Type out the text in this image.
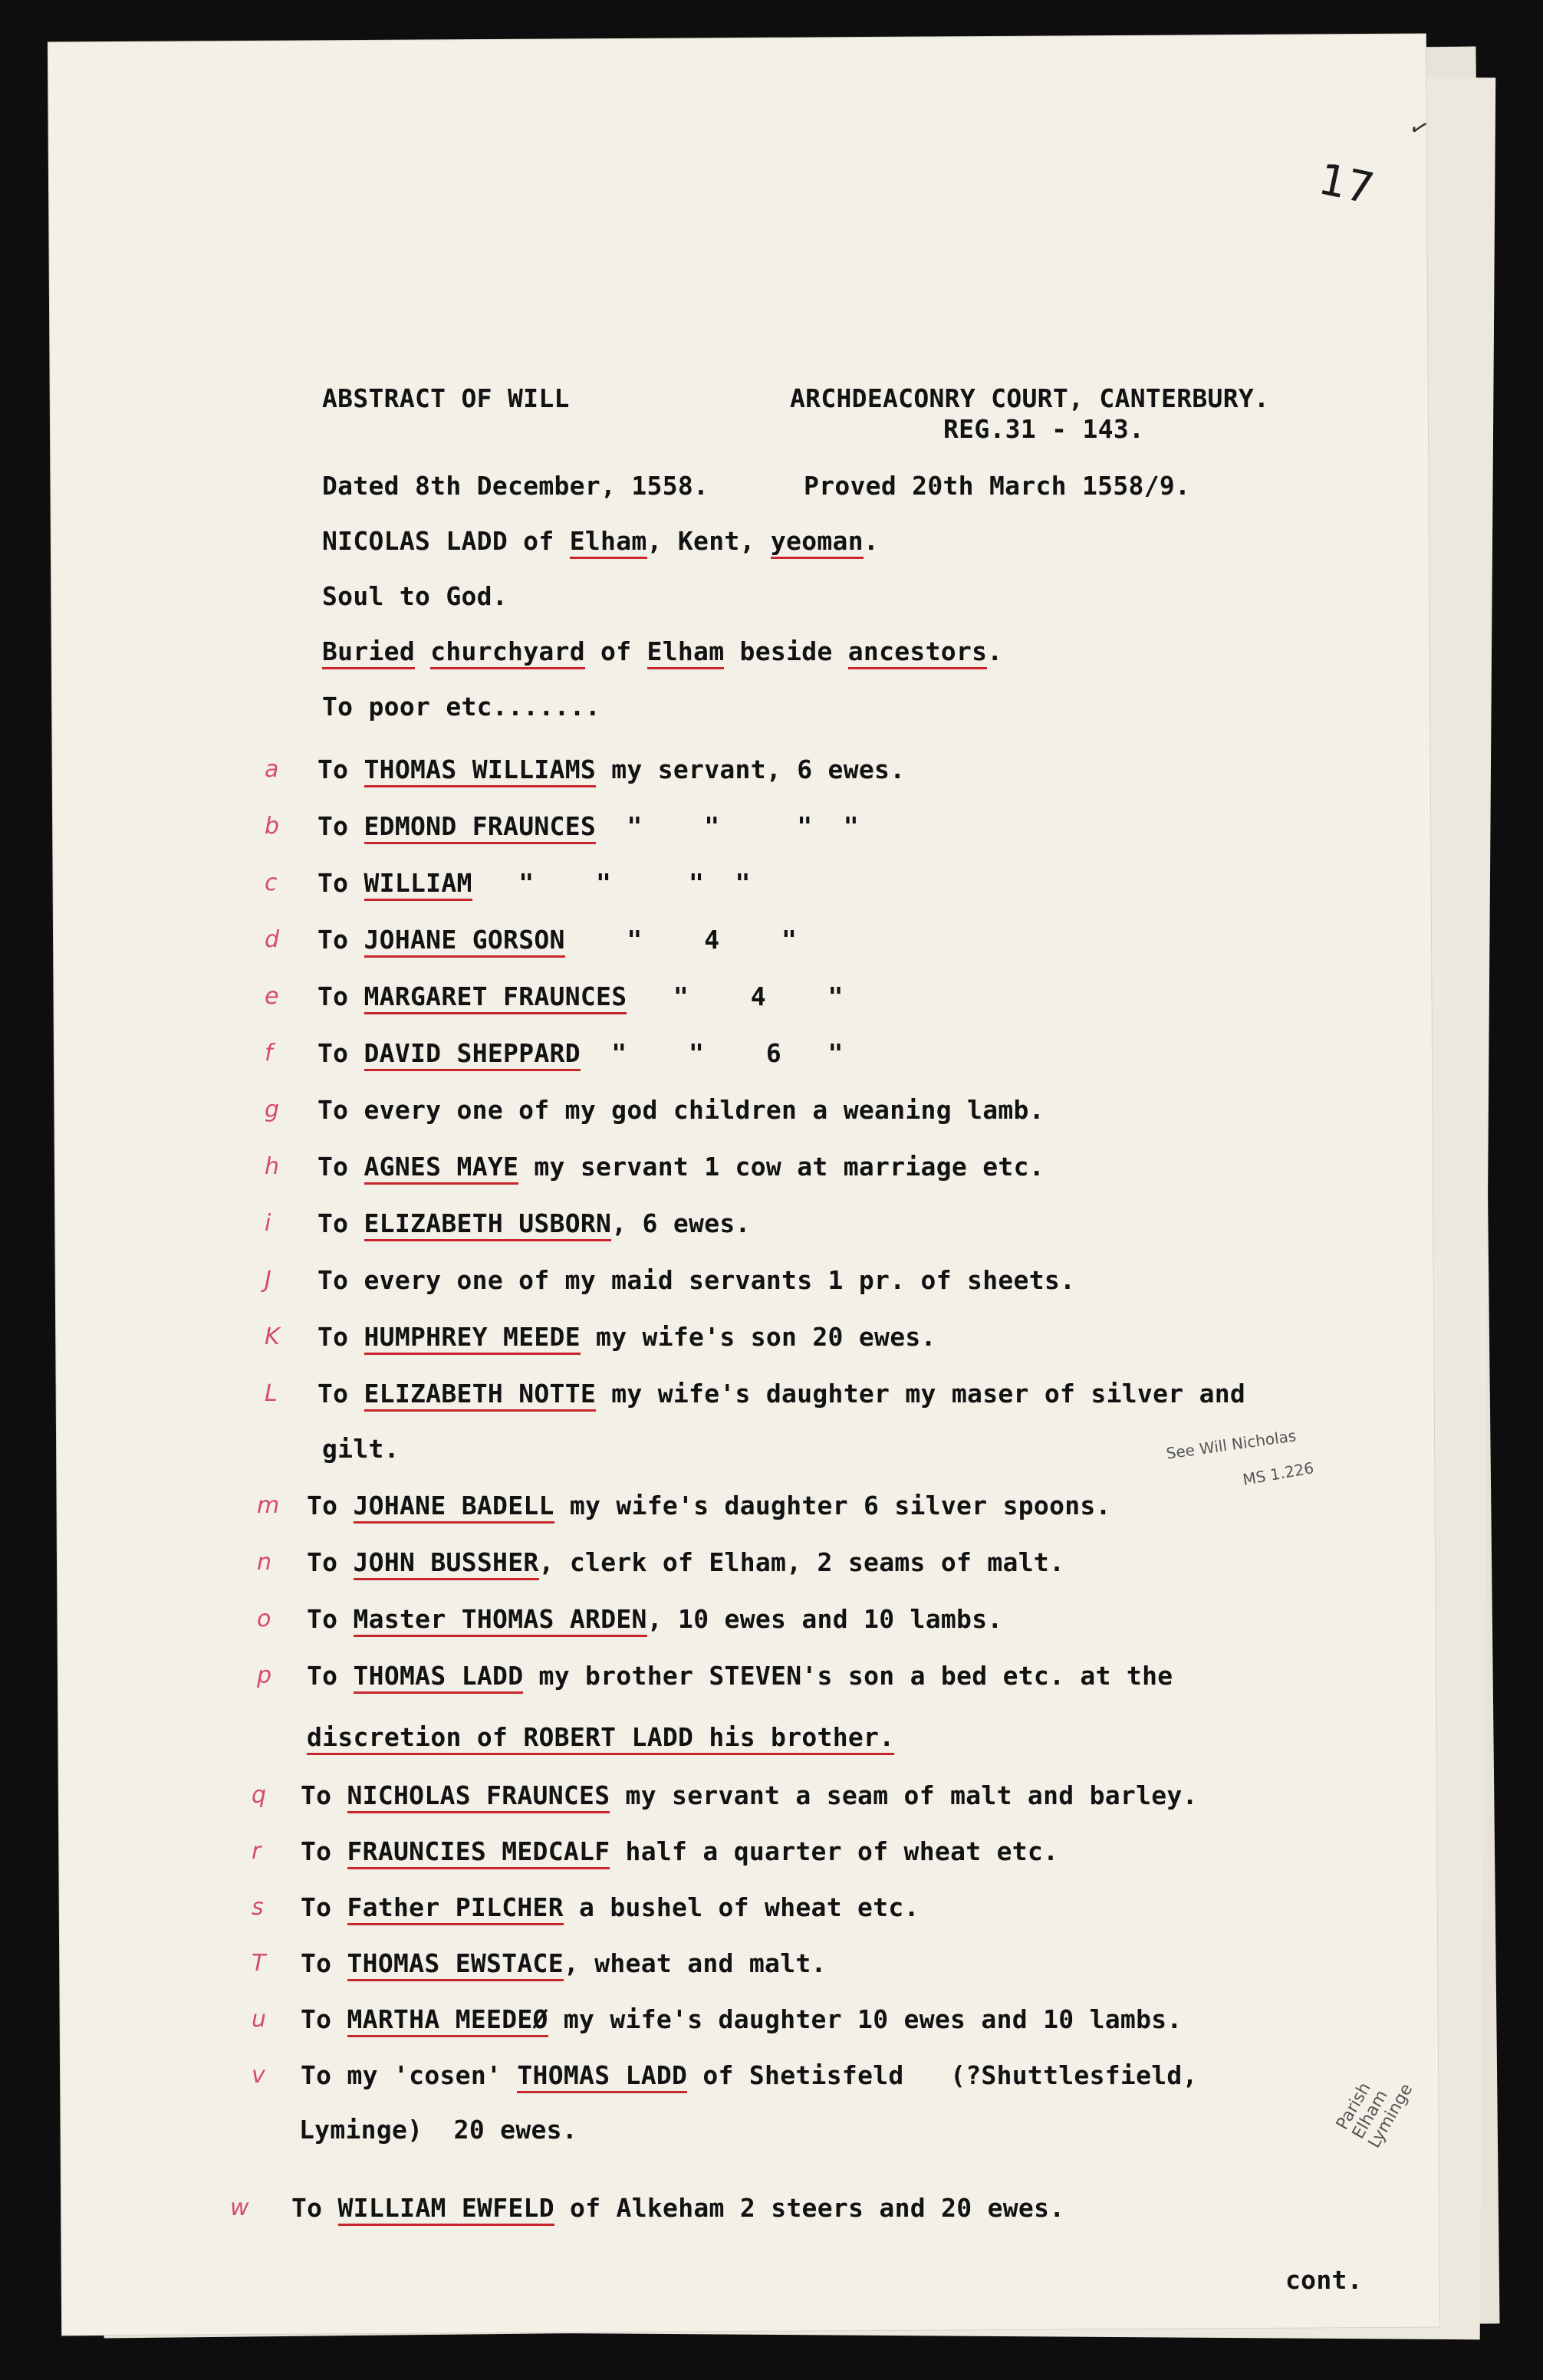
17
✓
ABSTRACT OF WILL	ARCHDEACONRY COURT, CANTERBURY.
REG.31 - 143.
Dated 8th December, 1558.	Proved 20th March 1558/9.
NICOLAS LADD of Elham, Kent, yeoman.
Soul to God.
Buried churchyard of Elham beside ancestors.
To poor etc.......
a To THOMAS WILLIAMS my servant, 6 ewes.
b To EDMOND FRAUNCES  "    "     "  "
c To WILLIAM   "    "     "  "
d To JOHANE GORSON    "    4    "
e To MARGARET FRAUNCES   "    4    "
f To DAVID SHEPPARD  "    "    6   "
g To every one of my god children a weaning lamb.
h To AGNES MAYE my servant 1 cow at marriage etc.
i To ELIZABETH USBORN, 6 ewes.
J To every one of my maid servants 1 pr. of sheets.
K To HUMPHREY MEEDE my wife's son 20 ewes.
L To ELIZABETH NOTTE my wife's daughter my maser of silver and
gilt.
m To JOHANE BADELL my wife's daughter 6 silver spoons.
n To JOHN BUSSHER, clerk of Elham, 2 seams of malt.
o To Master THOMAS ARDEN, 10 ewes and 10 lambs.
p To THOMAS LADD my brother STEVEN's son a bed etc. at the
discretion of ROBERT LADD his brother.
q To NICHOLAS FRAUNCES my servant a seam of malt and barley.
r To FRAUNCIES MEDCALF half a quarter of wheat etc.
s To Father PILCHER a bushel of wheat etc.
T To THOMAS EWSTACE, wheat and malt.
u To MARTHA MEEDEØ my wife's daughter 10 ewes and 10 lambs.
v To my 'cosen' THOMAS LADD of Shetisfeld   (?Shuttlesfield,
Lyminge)  20 ewes.
w To WILLIAM EWFELD of Alkeham 2 steers and 20 ewes.
cont.
See Will Nicholas
MS 1.226
Parish Elham Lyminge
